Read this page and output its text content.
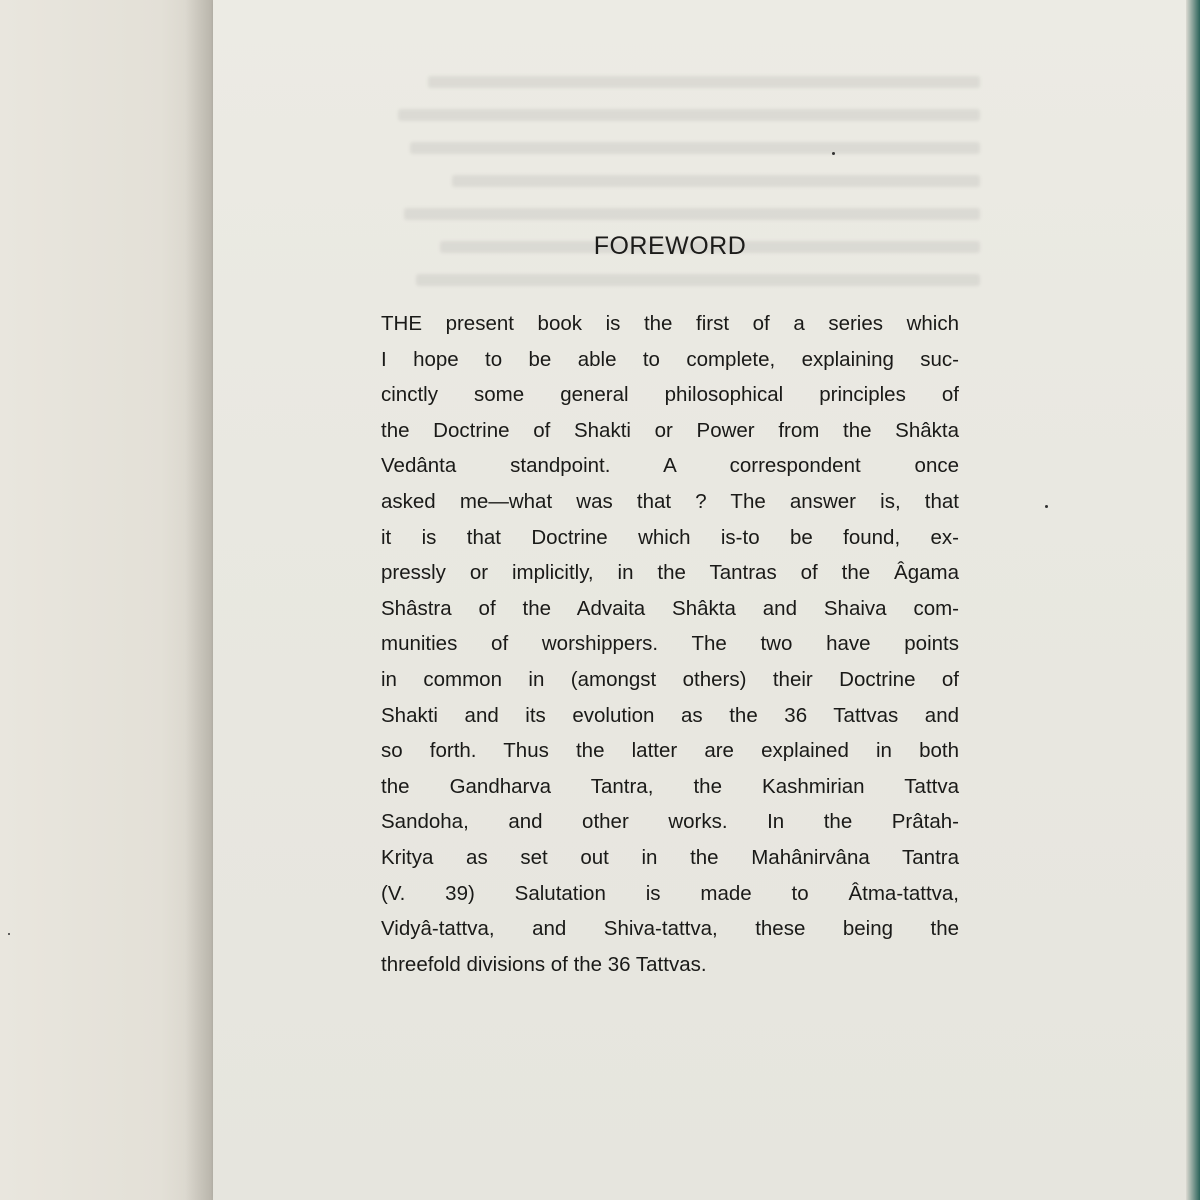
FOREWORD
THE present book is the first of a series which
I hope to be able to complete, explaining suc-
cinctly some general philosophical principles of
the Doctrine of Shakti or Power from the Shâkta
Vedânta standpoint. A correspondent once
asked me—what was that ? The answer is, that
it is that Doctrine which is‑to be found, ex-
pressly or implicitly, in the Tantras of the Âgama
Shâstra of the Advaita Shâkta and Shaiva com-
munities of worshippers. The two have points
in common in (amongst others) their Doctrine of
Shakti and its evolution as the 36 Tattvas and
so forth. Thus the latter are explained in both
the Gandharva Tantra, the Kashmirian Tattva
Sandoha, and other works. In the Prâtah-
Kritya as set out in the Mahânirvâna Tantra
(V. 39) Salutation is made to Âtma-tattva,
Vidyâ-tattva, and Shiva-tattva, these being the
threefold divisions of the 36 Tattvas.
